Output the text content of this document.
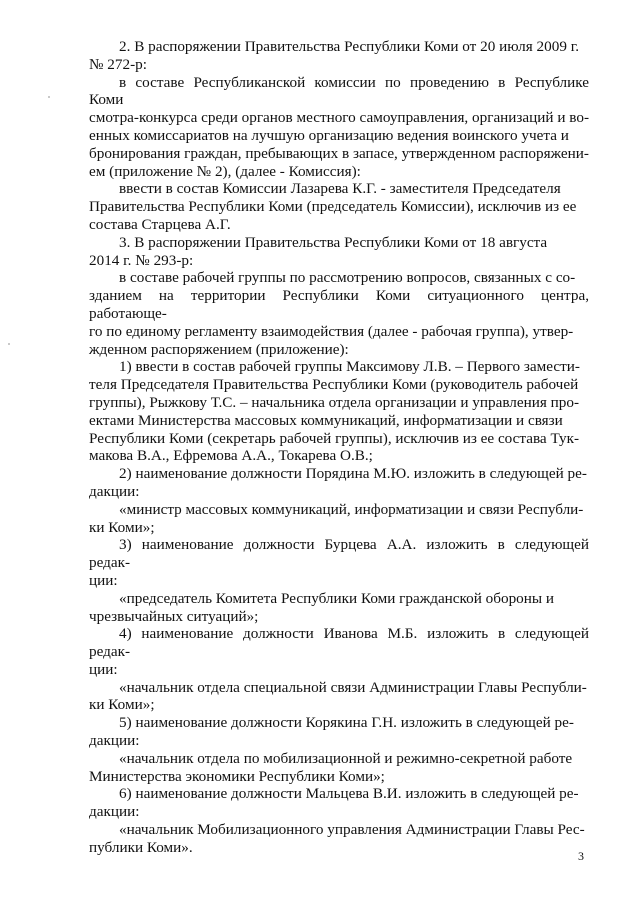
2. В распоряжении Правительства Республики Коми от 20 июля 2009 г.
№ 272-р:

в составе Республиканской комиссии по проведению в Республике Коми
смотра-конкурса среди органов местного самоуправления, организаций и во-
енных комиссариатов на лучшую организацию ведения воинского учета и
бронирования граждан, пребывающих в запасе, утвержденном распоряжени-
ем (приложение № 2), (далее - Комиссия):

ввести в состав Комиссии Лазарева К.Г. - заместителя Председателя
Правительства Республики Коми (председатель Комиссии), исключив из ее
состава Старцева А.Г.

3. В распоряжении Правительства Республики Коми от 18 августа
2014 г. № 293-р:

в составе рабочей группы по рассмотрению вопросов, связанных с со-
зданием на территории Республики Коми ситуационного центра, работающе-
го по единому регламенту взаимодействия (далее - рабочая группа), утвер-
жденном распоряжением (приложение):

1) ввести в состав рабочей группы Максимову Л.В. – Первого замести-
теля Председателя Правительства Республики Коми (руководитель рабочей
группы), Рыжкову Т.С. – начальника отдела организации и управления про-
ектами Министерства массовых коммуникаций, информатизации и связи
Республики Коми (секретарь рабочей группы), исключив из ее состава Тук-
макова В.А., Ефремова А.А., Токарева О.В.;

2) наименование должности Порядина М.Ю. изложить в следующей ре-
дакции:

«министр массовых коммуникаций, информатизации и связи Республи-
ки Коми»;

3) наименование должности Бурцева А.А. изложить в следующей редак-
ции:

«председатель Комитета Республики Коми гражданской обороны и
чрезвычайных ситуаций»;

4) наименование должности Иванова М.Б. изложить в следующей редак-
ции:

«начальник отдела специальной связи Администрации Главы Республи-
ки Коми»;

5) наименование должности Корякина Г.Н. изложить в следующей ре-
дакции:

«начальник отдела по мобилизационной и режимно-секретной работе
Министерства экономики Республики Коми»;

6) наименование должности Мальцева В.И. изложить в следующей ре-
дакции:

«начальник Мобилизационного управления Администрации Главы Рес-
публики Коми».

3
